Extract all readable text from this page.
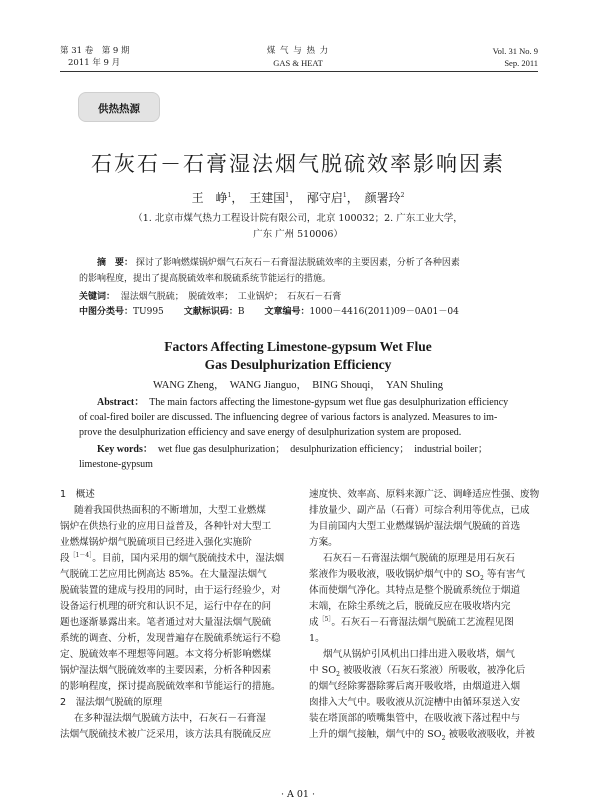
第 31 卷　第 9 期
2011 年 9 月
煤 气 与 热 力
GAS & HEAT
Vol. 31 No. 9
Sep. 2011
供热热源
石灰石－石膏湿法烟气脱硫效率影响因素
王　峥$^1$， 王建国$^1$， 邴守启$^1$， 颜署玲$^2$
（1. 北京市煤气热力工程设计院有限公司，北京 100032；2. 广东工业大学，
广东 广州 510006）
摘　要： 探讨了影响燃煤锅炉烟气石灰石－石膏湿法脱硫效率的主要因素，分析了各种因素
的影响程度，提出了提高脱硫效率和脱硫系统节能运行的措施。
关键词： 湿法烟气脱硫；　脱硫效率；　工业锅炉；　石灰石－石膏
中图分类号：TU995 文献标识码：B 文章编号：1000－4416(2011)09－0A01－04
Factors Affecting Limestone-gypsum Wet Flue
Gas Desulphurization Efficiency
WANG Zheng，　WANG Jianguo，　BING Shouqi，　YAN Shuling
Abstract： The main factors affecting the limestone-gypsum wet flue gas desulphurization efficiency
of coal-fired boiler are discussed. The influencing degree of various factors is analyzed. Measures to im-
prove the desulphurization efficiency and save energy of desulphurization system are proposed.
Key words： wet flue gas desulphurization；　desulphurization efficiency；　industrial boiler；
limestone-gypsum
1　概述
随着我国供热面积的不断增加，大型工业燃煤
锅炉在供热行业的应用日益普及，各种针对大型工
业燃煤锅炉烟气脱硫项目已经进入强化实施阶
段$^{[1-4]}$。目前，国内采用的烟气脱硫技术中，湿法烟
气脱硫工艺应用比例高达 85%。在大量湿法烟气
脱硫装置的建成与投用的同时，由于运行经验少，对
设备运行机理的研究和认识不足，运行中存在的问
题也逐渐暴露出来。笔者通过对大量湿法烟气脱硫
系统的调查、分析，发现普遍存在脱硫系统运行不稳
定、脱硫效率不理想等问题。本文将分析影响燃煤
锅炉湿法烟气脱硫效率的主要因素，分析各种因素
的影响程度，探讨提高脱硫效率和节能运行的措施。
2　湿法烟气脱硫的原理
在多种湿法烟气脱硫方法中，石灰石－石膏湿
法烟气脱硫技术被广泛采用，该方法具有脱硫反应
速度快、效率高、原料来源广泛、调峰适应性强、废物
排放量少、副产品（石膏）可综合利用等优点，已成
为目前国内大型工业燃煤锅炉湿法烟气脱硫的首选
方案。
石灰石－石膏湿法烟气脱硫的原理是用石灰石
浆液作为吸收液，吸收锅炉烟气中的 $SO_2$ 等有害气
体而使烟气净化。其特点是整个脱硫系统位于烟道
末端，在除尘系统之后，脱硫反应在吸收塔内完
成$^{[5]}$。石灰石－石膏湿法烟气脱硫工艺流程见图
1。
烟气从锅炉引风机出口排出进入吸收塔，烟气
中 $SO_2$ 被吸收液（石灰石浆液）所吸收，被净化后
的烟气经除雾器除雾后离开吸收塔，由烟道进入烟
囱排入大气中。吸收液从沉淀槽中由循环泵送入安
装在塔顶部的喷嘴集管中，在吸收液下落过程中与
上升的烟气接触，烟气中的 $SO_2$ 被吸收液吸收，并被
· A 01 ·
